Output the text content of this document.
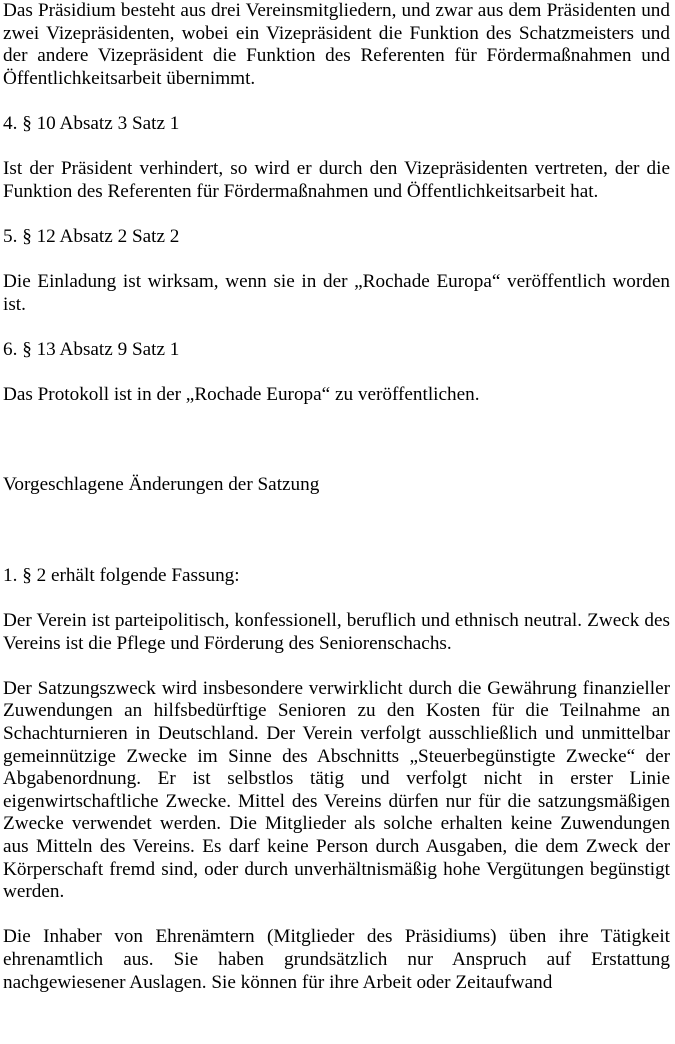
Das Präsidium besteht aus drei Vereinsmitgliedern, und zwar aus dem Präsidenten und zwei Vizepräsidenten, wobei ein Vizepräsident die Funktion des Schatzmeisters und der andere Vizepräsident die Funktion des Referenten für Fördermaßnahmen und Öffentlichkeitsarbeit übernimmt.

4. § 10 Absatz 3 Satz 1

Ist der Präsident verhindert, so wird er durch den Vizepräsidenten vertreten, der die Funktion des Referenten für Fördermaßnahmen und Öffentlichkeitsarbeit hat.

5. § 12 Absatz 2 Satz 2

Die Einladung ist wirksam, wenn sie in der „Rochade Europa“ veröffentlich worden ist.

6. § 13 Absatz 9 Satz 1

Das Protokoll ist in der „Rochade Europa“ zu veröffentlichen.

Vorgeschlagene Änderungen der Satzung

1. § 2 erhält folgende Fassung:

Der Verein ist parteipolitisch, konfessionell, beruflich und ethnisch neutral. Zweck des Vereins ist die Pflege und Förderung des Seniorenschachs.

Der Satzungszweck wird insbesondere verwirklicht durch die Gewährung finanzieller Zuwendungen an hilfsbedürftige Senioren zu den Kosten für die Teilnahme an Schachturnieren in Deutschland. Der Verein verfolgt ausschließlich und unmittelbar gemeinnützige Zwecke im Sinne des Abschnitts „Steuerbegünstigte Zwecke“ der Abgabenordnung. Er ist selbstlos tätig und verfolgt nicht in erster Linie eigenwirtschaftliche Zwecke. Mittel des Vereins dürfen nur für die satzungsmäßigen Zwecke verwendet werden. Die Mitglieder als solche erhalten keine Zuwendungen aus Mitteln des Vereins. Es darf keine Person durch Ausgaben, die dem Zweck der Körperschaft fremd sind, oder durch unverhältnismäßig hohe Vergütungen begünstigt werden.

Die Inhaber von Ehrenämtern (Mitglieder des Präsidiums) üben ihre Tätigkeit ehrenamtlich aus. Sie haben grundsätzlich nur Anspruch auf Erstattung nachgewiesener Auslagen. Sie können für ihre Arbeit oder Zeitaufwand
